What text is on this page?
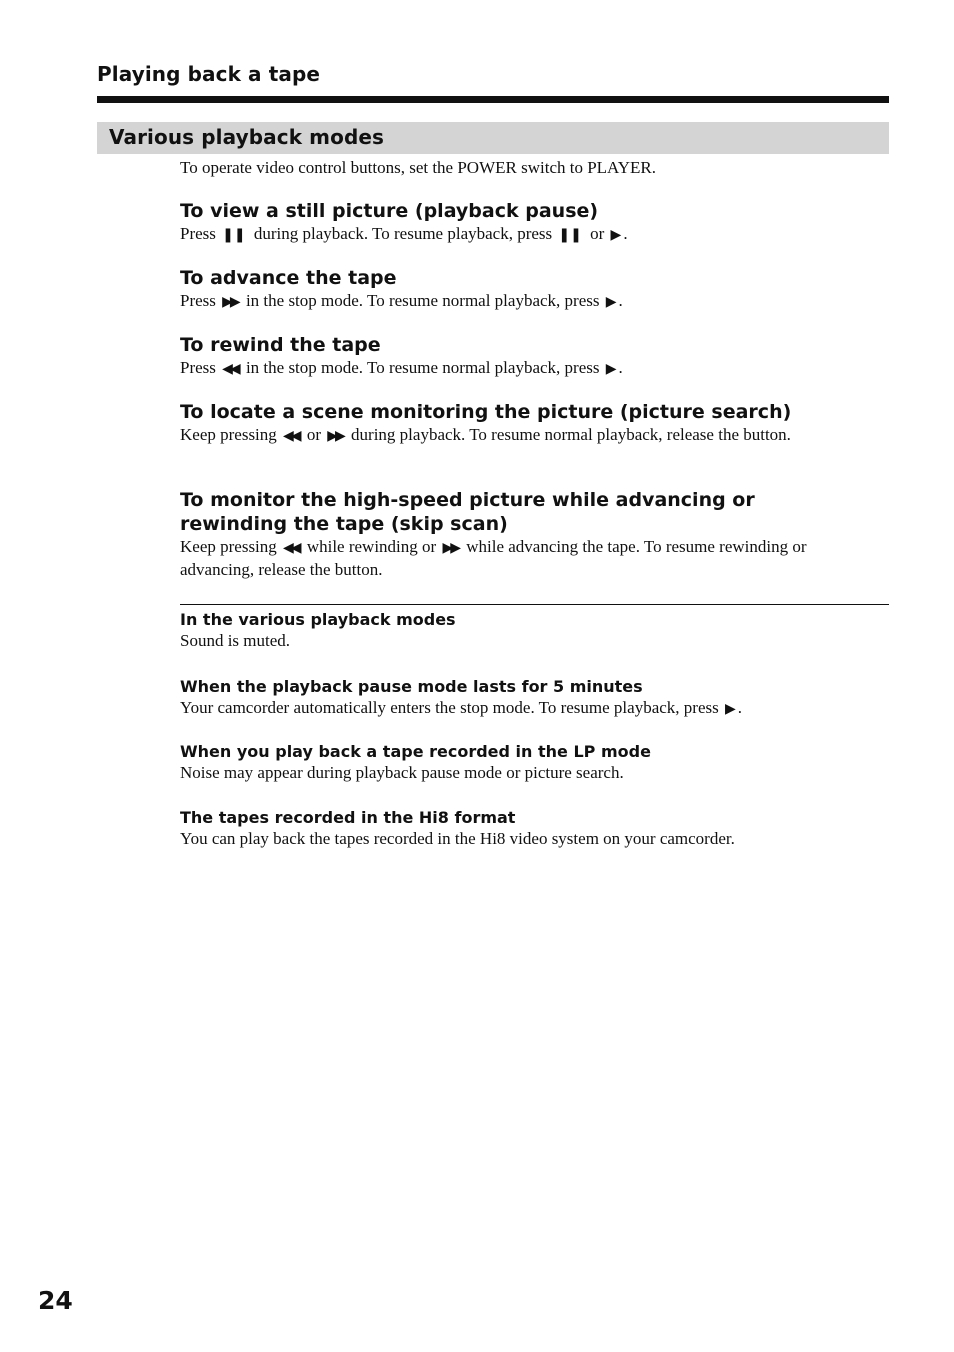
Playing back a tape
Various playback modes
To operate video control buttons, set the POWER switch to PLAYER.

To view a still picture (playback pause)

Press ❚❚ during playback. To resume playback, press ❚❚ or ▶ .

To advance the tape

Press ▶▶ in the stop mode. To resume normal playback, press ▶ .

To rewind the tape

Press ◀◀ in the stop mode. To resume normal playback, press ▶ .

To locate a scene monitoring the picture (picture search)

Keep pressing ◀◀ or ▶▶ during playback. To resume normal playback, release the button.

To monitor the high-speed picture while advancing or
rewinding the tape (skip scan)

Keep pressing ◀◀ while rewinding or ▶▶ while advancing the tape. To resume rewinding or advancing, release the button.

In the various playback modes

Sound is muted.

When the playback pause mode lasts for 5 minutes

Your camcorder automatically enters the stop mode. To resume playback, press ▶ .

When you play back a tape recorded in the LP mode

Noise may appear during playback pause mode or picture search.

The tapes recorded in the Hi8 format

You can play back the tapes recorded in the Hi8 video system on your camcorder.

24
